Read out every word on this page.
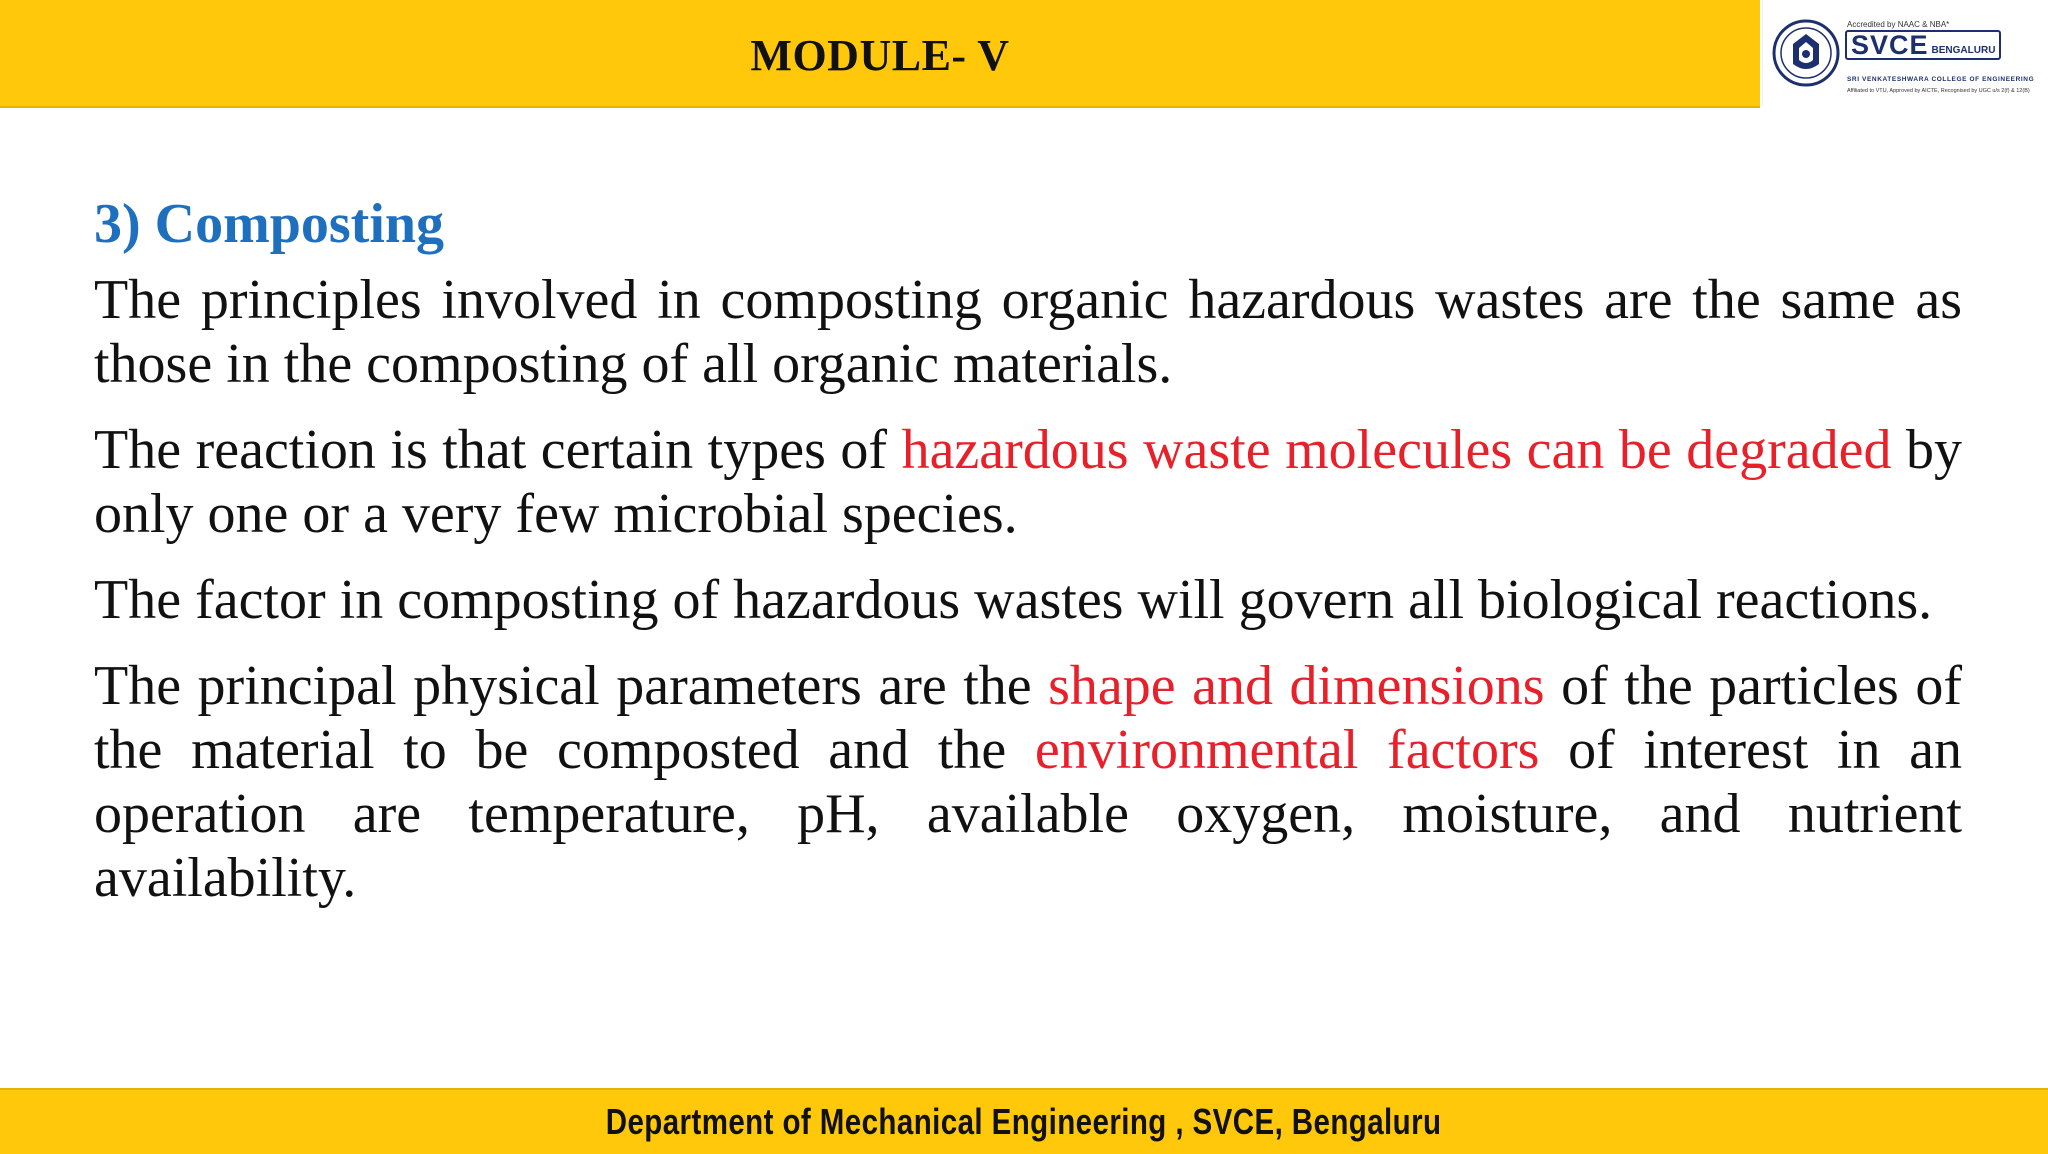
MODULE- V
Accredited by NAAC & NBA*
SVCE BENGALURU
SRI VENKATESHWARA COLLEGE OF ENGINEERING
Affiliated to VTU, Approved by AICTE, Recognised by UGC u/s 2(f) & 12(B)
3) Composting

The principles involved in composting organic hazardous wastes are the same as those in the composting of all organic materials.

The reaction is that certain types of hazardous waste molecules can be degraded by only one or a very few microbial species.

The factor in composting of hazardous wastes will govern all biological reactions.

The principal physical parameters are the shape and dimensions of the particles of the material to be composted and the environmental factors of interest in an operation are temperature, pH, available oxygen, moisture, and nutrient availability.

Department of Mechanical Engineering , SVCE, Bengaluru
